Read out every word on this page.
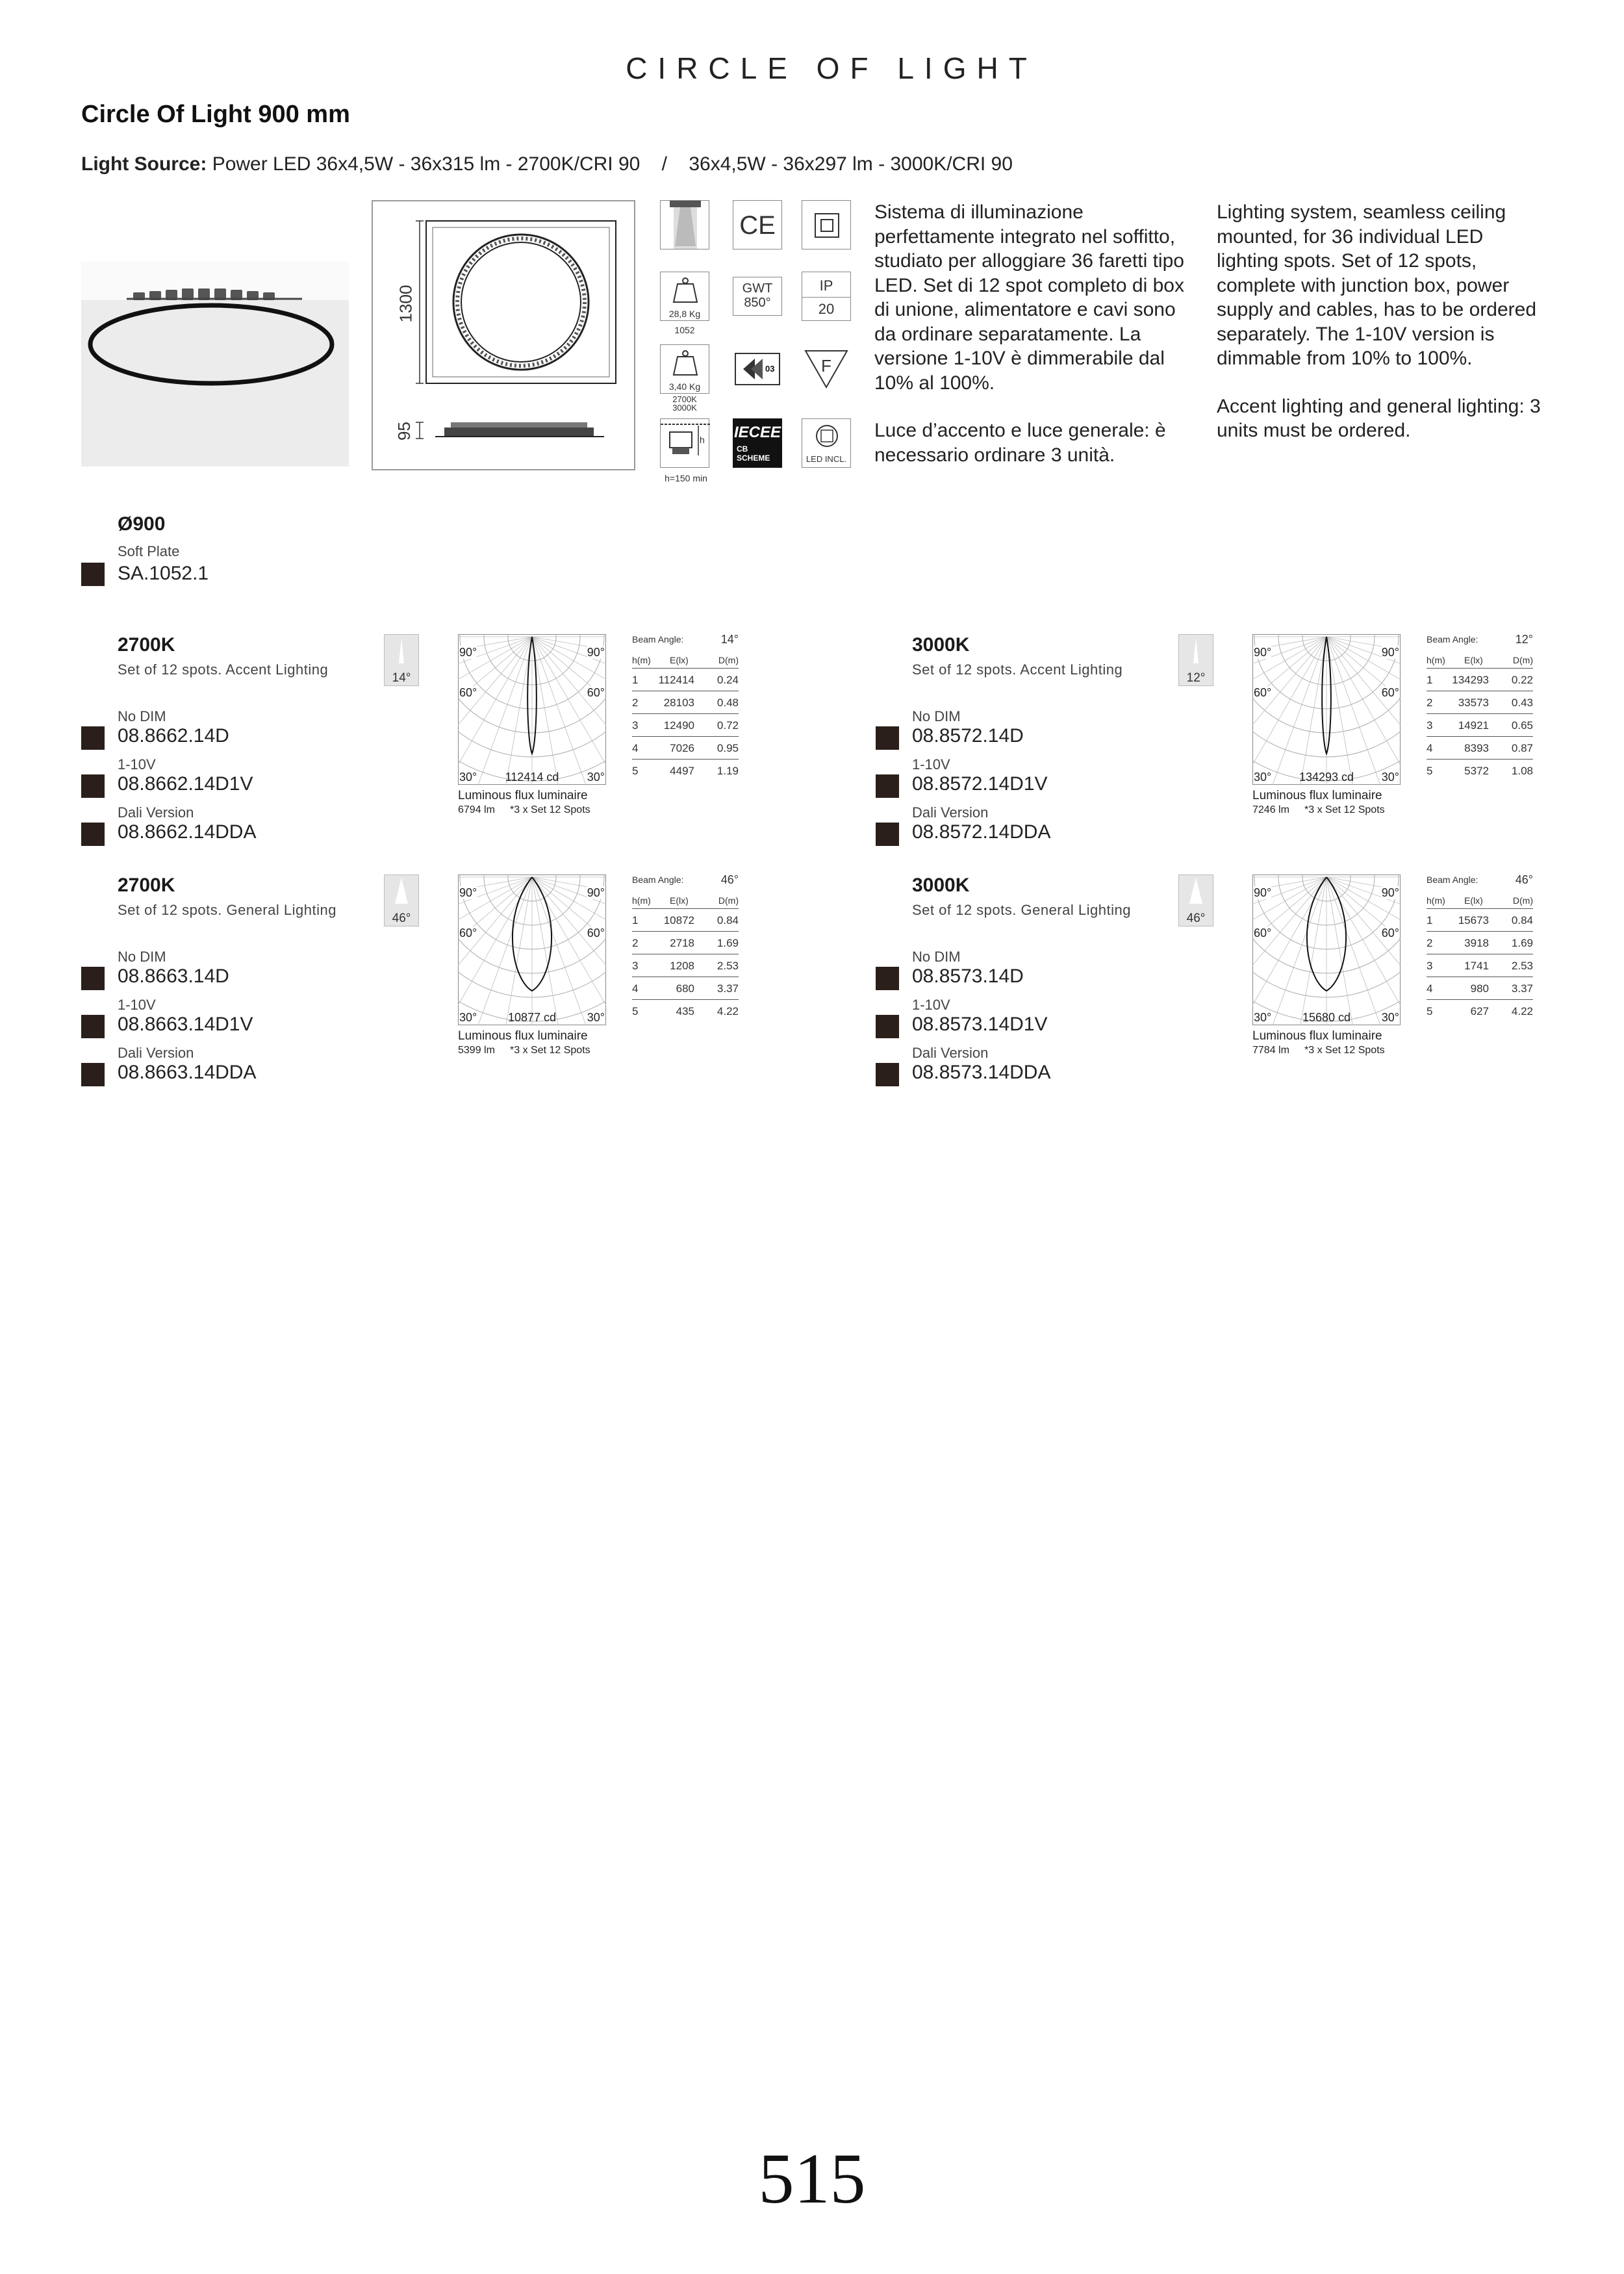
CIRCLE OF LIGHT
Circle Of Light 900 mm
Light Source: Power LED 36x4,5W - 36x315 lm - 2700K/CRI 90    /    36x4,5W - 36x297 lm - 3000K/CRI 90
1300
95
CE
28,8 Kg
1052
GWT
850°
IP
20
3,40 Kg
2700K
3000K
03	F
h
h=150 min
IECEE
CB
SCHEME	LED INCL.
Sistema di illuminazione perfettamente integrato nel soffitto, studiato per alloggiare 36 faretti tipo LED. Set di 12 spot completo di box di unione, alimentatore e cavi sono da ordinare separatamente. La versione 1-10V è dimmerabile dal 10% al 100%.
Luce d’accento e luce generale: è necessario ordinare 3 unità.
Lighting system, seamless ceiling mounted, for 36 individual LED lighting spots. Set of 12 spots, complete with junction box, power supply and cables, has to be ordered separately. The 1-10V version is dimmable from 10% to 100%.
Accent lighting and general lighting: 3 units must be ordered.
Ø900
Soft Plate
SA.1052.1
2700K
Set of 12 spots. Accent Lighting
No DIM
08.8662.14D
1-10V
08.8662.14D1V
Dali Version
08.8662.14DDA
14°
90°	90°
60°	60°
30°	30°
112414 cd
Luminous flux luminaire
6794 lm *3 x Set 12 Spots
Beam Angle:	14°
h(m) E(lx)	D(m)
1 112414 0.24
2 28103 0.48
3 12490 0.72
4	7026 0.95
5	4497 1.19
3000K
Set of 12 spots. Accent Lighting
No DIM
08.8572.14D
1-10V
08.8572.14D1V
Dali Version
08.8572.14DDA
12°
90°	90°
60°	60°
30°	30°
134293 cd
Luminous flux luminaire
7246 lm *3 x Set 12 Spots
Beam Angle:	12°
h(m) E(lx)	D(m)
1 134293 0.22
2 33573 0.43
3 14921 0.65
4	8393 0.87
5	5372 1.08
2700K
Set of 12 spots. General Lighting
No DIM
08.8663.14D
1-10V
08.8663.14D1V
Dali Version
08.8663.14DDA
46°
90°	90°
60°	60°
30°	30°
10877 cd
Luminous flux luminaire
5399 lm *3 x Set 12 Spots
Beam Angle:	46°
h(m) E(lx)	D(m)
1 10872 0.84
2	2718 1.69
3	1208 2.53
4	680 3.37
5	435 4.22
3000K
Set of 12 spots. General Lighting
No DIM
08.8573.14D
1-10V
08.8573.14D1V
Dali Version
08.8573.14DDA
46°
90°	90°
60°	60°
30°	30°
15680 cd
Luminous flux luminaire
7784 lm *3 x Set 12 Spots
Beam Angle:	46°
h(m) E(lx)	D(m)
1 15673 0.84
2	3918 1.69
3	1741 2.53
4	980 3.37
5	627 4.22
515
